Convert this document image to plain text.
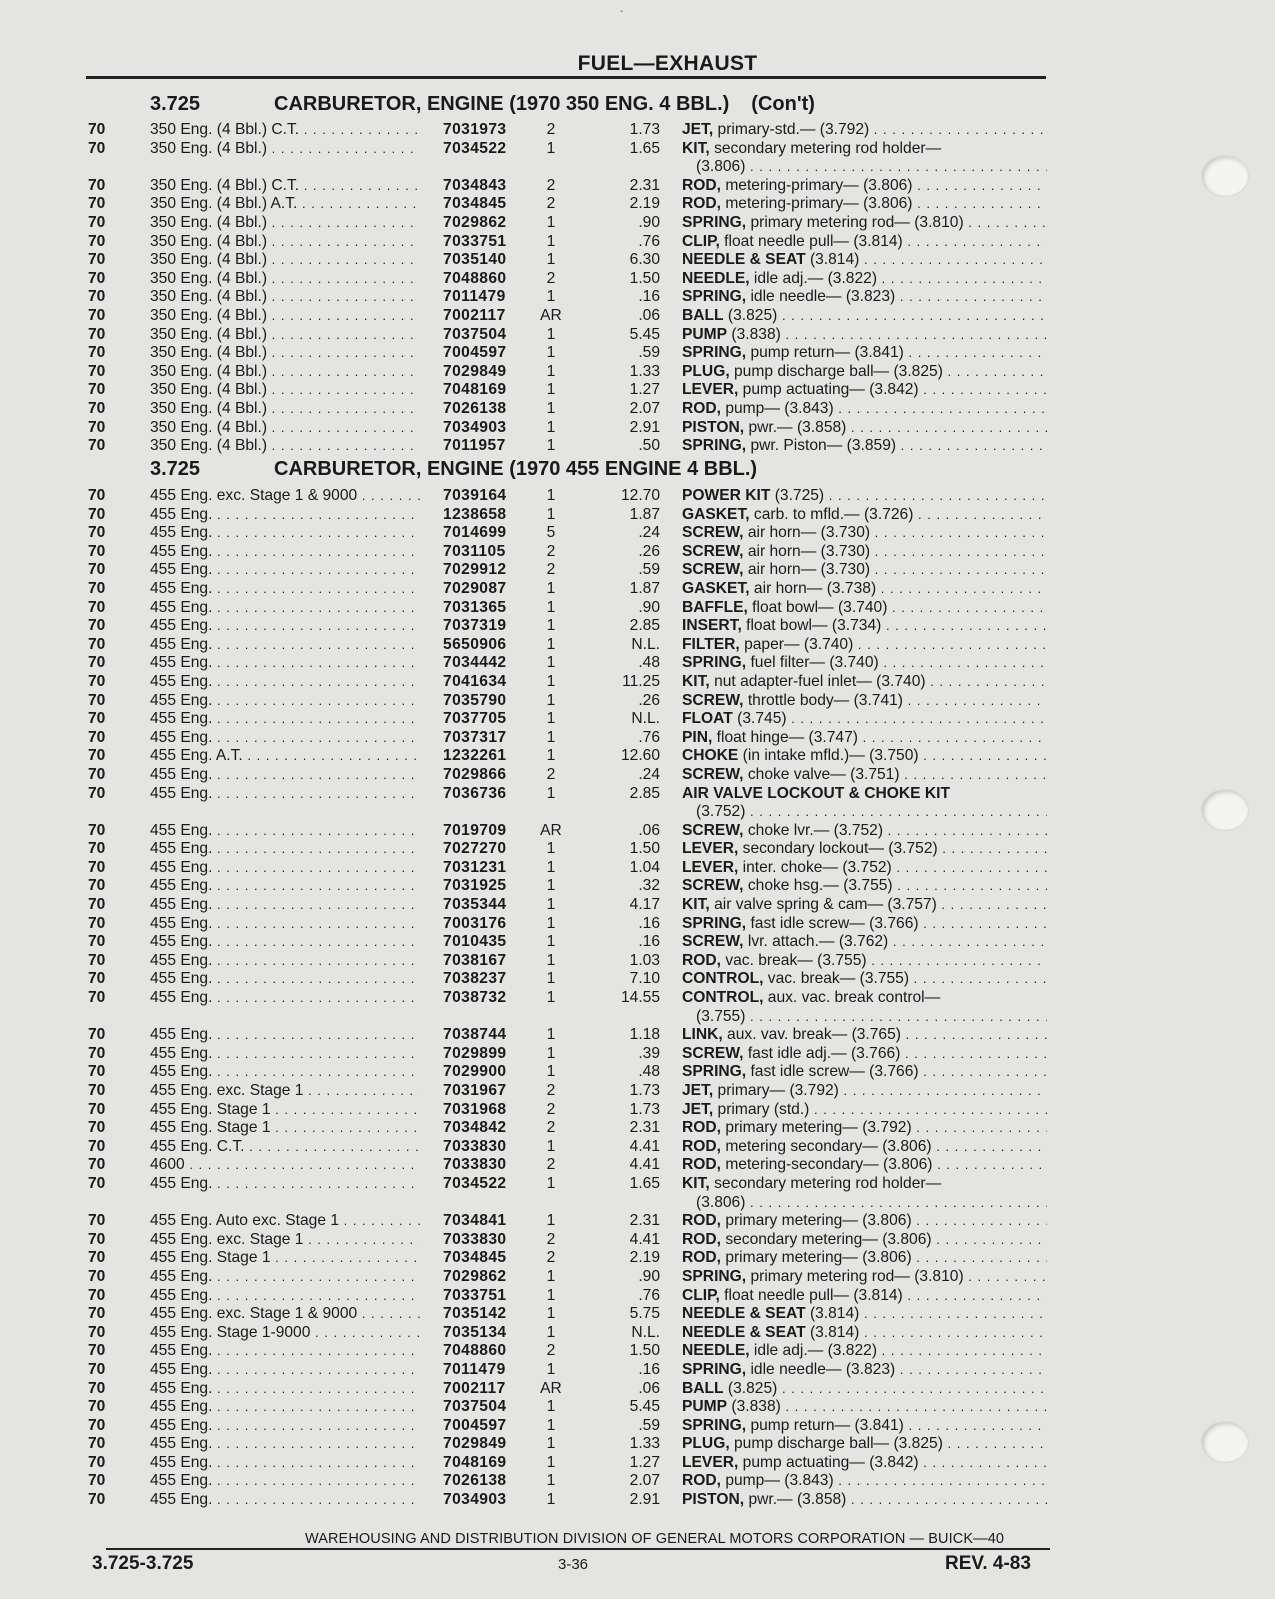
-
FUEL—EXHAUST
3.725	CARBURETOR, ENGINE (1970 350 ENG. 4 BBL.) (Con't)
70	350 Eng. (4 Bbl.) C.T. . . .	7031973	2	1.73 JET, primary-std.— (3.792) . . .
70	350 Eng. (4 Bbl.) . . .	7034522	1	1.65 KIT, secondary metering rod holder—
(3.806) . . .
70	350 Eng. (4 Bbl.) C.T. . . .	7034843	2	2.31 ROD, metering-primary— (3.806) . . .
70	350 Eng. (4 Bbl.) A.T. . . .	7034845	2	2.19 ROD, metering-primary— (3.806) . . .
70	350 Eng. (4 Bbl.) . . .	7029862	1	.90 SPRING, primary metering rod— (3.810) . . .
70	350 Eng. (4 Bbl.) . . .	7033751	1	.76 CLIP, float needle pull— (3.814) . . .
70	350 Eng. (4 Bbl.) . . .	7035140	1	6.30 NEEDLE & SEAT (3.814) . . .
70	350 Eng. (4 Bbl.) . . .	7048860	2	1.50 NEEDLE, idle adj.— (3.822) . . .
70	350 Eng. (4 Bbl.) . . .	7011479	1	.16 SPRING, idle needle— (3.823) . . .
70	350 Eng. (4 Bbl.) . . .	7002117 AR	.06 BALL (3.825) . . .
70	350 Eng. (4 Bbl.) . . .	7037504	1	5.45 PUMP (3.838) . . .
70	350 Eng. (4 Bbl.) . . .	7004597	1	.59 SPRING, pump return— (3.841) . . .
70	350 Eng. (4 Bbl.) . . .	7029849	1	1.33 PLUG, pump discharge ball— (3.825) . . .
70	350 Eng. (4 Bbl.) . . .	7048169	1	1.27 LEVER, pump actuating— (3.842) . . .
70	350 Eng. (4 Bbl.) . . .	7026138	1	2.07 ROD, pump— (3.843) . . .
70	350 Eng. (4 Bbl.) . . .	7034903	1	2.91 PISTON, pwr.— (3.858) . . .
70	350 Eng. (4 Bbl.) . . .	7011957	1	.50 SPRING, pwr. Piston— (3.859) . . .
3.725	CARBURETOR, ENGINE (1970 455 ENGINE 4 BBL.)
70	455 Eng. exc. Stage 1 & 9000 . . .	7039164	1	12.70 POWER KIT (3.725) . . .
70	455 Eng. . . .	1238658	1	1.87 GASKET, carb. to mfld.— (3.726) . . .
70	455 Eng. . . .	7014699	5	.24 SCREW, air horn— (3.730) . . .
70	455 Eng. . . .	7031105	2	.26 SCREW, air horn— (3.730) . . .
70	455 Eng. . . .	7029912	2	.59 SCREW, air horn— (3.730) . . .
70	455 Eng. . . .	7029087	1	1.87 GASKET, air horn— (3.738) . . .
70	455 Eng. . . .	7031365	1	.90 BAFFLE, float bowl— (3.740) . . .
70	455 Eng. . . .	7037319	1	2.85 INSERT, float bowl— (3.734) . . .
70	455 Eng. . . .	5650906	1	N.L. FILTER, paper— (3.740) . . .
70	455 Eng. . . .	7034442	1	.48 SPRING, fuel filter— (3.740) . . .
70	455 Eng. . . .	7041634	1	11.25 KIT, nut adapter-fuel inlet— (3.740) . . .
70	455 Eng. . . .	7035790	1	.26 SCREW, throttle body— (3.741) . . .
70	455 Eng. . . .	7037705	1	N.L. FLOAT (3.745) . . .
70	455 Eng. . . .	7037317	1	.76 PIN, float hinge— (3.747) . . .
70	455 Eng. A.T. . . .	1232261	1	12.60 CHOKE (in intake mfld.)— (3.750) . . .
70	455 Eng. . . .	7029866	2	.24 SCREW, choke valve— (3.751) . . .
70	455 Eng. . . .	7036736	1	2.85 AIR VALVE LOCKOUT & CHOKE KIT
(3.752) . . .
70	455 Eng. . . .	7019709 AR	.06 SCREW, choke lvr.— (3.752) . . .
70	455 Eng. . . .	7027270	1	1.50 LEVER, secondary lockout— (3.752) . . .
70	455 Eng. . . .	7031231	1	1.04 LEVER, inter. choke— (3.752) . . .
70	455 Eng. . . .	7031925	1	.32 SCREW, choke hsg.— (3.755) . . .
70	455 Eng. . . .	7035344	1	4.17 KIT, air valve spring & cam— (3.757) . . .
70	455 Eng. . . .	7003176	1	.16 SPRING, fast idle screw— (3.766) . . .
70	455 Eng. . . .	7010435	1	.16 SCREW, lvr. attach.— (3.762) . . .
70	455 Eng. . . .	7038167	1	1.03 ROD, vac. break— (3.755) . . .
70	455 Eng. . . .	7038237	1	7.10 CONTROL, vac. break— (3.755) . . .
70	455 Eng. . . .	7038732	1	14.55 CONTROL, aux. vac. break control—
(3.755) . . .
70	455 Eng. . . .	7038744	1	1.18 LINK, aux. vav. break— (3.765) . . .
70	455 Eng. . . .	7029899	1	.39 SCREW, fast idle adj.— (3.766) . . .
70	455 Eng. . . .	7029900	1	.48 SPRING, fast idle screw— (3.766) . . .
70	455 Eng. exc. Stage 1 . . .	7031967	2	1.73 JET, primary— (3.792) . . .
70	455 Eng. Stage 1 . . .	7031968	2	1.73 JET, primary (std.) . . .
70	455 Eng. Stage 1 . . .	7034842	2	2.31 ROD, primary metering— (3.792) . . .
70	455 Eng. C.T. . . .	7033830	1	4.41 ROD, metering secondary— (3.806) . . .
70	4600 . . .	7033830	2	4.41 ROD, metering-secondary— (3.806) . . .
70	455 Eng. . . .	7034522	1	1.65 KIT, secondary metering rod holder—
(3.806) . . .
70	455 Eng. Auto exc. Stage 1 . . .	7034841	1	2.31 ROD, primary metering— (3.806) . . .
70	455 Eng. exc. Stage 1 . . .	7033830	2	4.41 ROD, secondary metering— (3.806) . . .
70	455 Eng. Stage 1 . . .	7034845	2	2.19 ROD, primary metering— (3.806) . . .
70	455 Eng. . . .	7029862	1	.90 SPRING, primary metering rod— (3.810) . . .
70	455 Eng. . . .	7033751	1	.76 CLIP, float needle pull— (3.814) . . .
70	455 Eng. exc. Stage 1 & 9000 . . .	7035142	1	5.75 NEEDLE & SEAT (3.814) . . .
70	455 Eng. Stage 1-9000 . . .	7035134	1	N.L. NEEDLE & SEAT (3.814) . . .
70	455 Eng. . . .	7048860	2	1.50 NEEDLE, idle adj.— (3.822) . . .
70	455 Eng. . . .	7011479	1	.16 SPRING, idle needle— (3.823) . . .
70	455 Eng. . . .	7002117 AR	.06 BALL (3.825) . . .
70	455 Eng. . . .	7037504	1	5.45 PUMP (3.838) . . .
70	455 Eng. . . .	7004597	1	.59 SPRING, pump return— (3.841) . . .
70	455 Eng. . . .	7029849	1	1.33 PLUG, pump discharge ball— (3.825) . . .
70	455 Eng. . . .	7048169	1	1.27 LEVER, pump actuating— (3.842) . . .
70	455 Eng. . . .	7026138	1	2.07 ROD, pump— (3.843) . . .
70	455 Eng. . . .	7034903	1	2.91 PISTON, pwr.— (3.858) . . .
WAREHOUSING AND DISTRIBUTION DIVISION OF GENERAL MOTORS CORPORATION — BUICK—40
3.725-3.725	3-36	REV. 4-83
